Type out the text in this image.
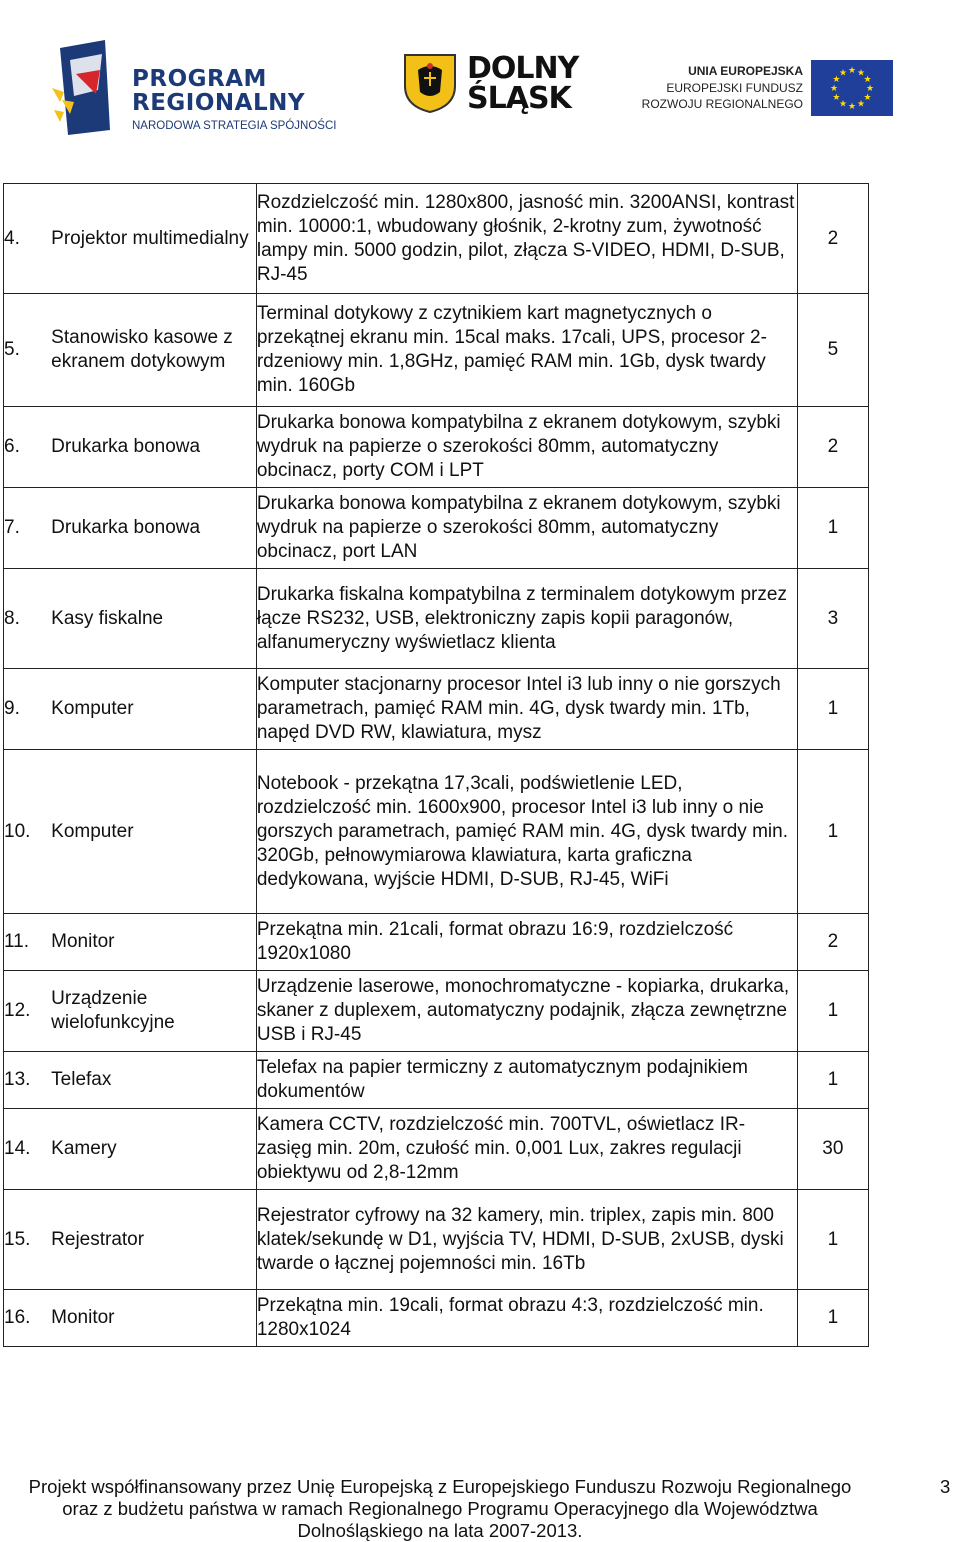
PROGRAM
REGIONALNY
NARODOWA STRATEGIA SPÓJNOŚCI
DOLNY
ŚLĄSK
UNIA EUROPEJSKA
EUROPEJSKI FUNDUSZ
ROZWOJU REGIONALNEGO
★ ★
★
★
★
★
★
★
★
★
★
★
4.	Projektor multimedialny	Rozdzielczość min. 1280x800, jasność min. 3200ANSI, kontrast min. 10000:1, wbudowany głośnik, 2-krotny zum, żywotność lampy min. 5000 godzin, pilot, złącza S-VIDEO, HDMI, D-SUB, RJ-45	2
5.	Stanowisko kasowe z ekranem dotykowym	Terminal dotykowy z czytnikiem kart magnetycznych o przekątnej ekranu min. 15cal maks. 17cali, UPS, procesor 2-rdzeniowy min. 1,8GHz, pamięć RAM min. 1Gb, dysk twardy min. 160Gb	5
6.	Drukarka bonowa	Drukarka bonowa kompatybilna z ekranem dotykowym, szybki wydruk na papierze o szerokości 80mm, automatyczny obcinacz, porty COM i LPT	2
7.	Drukarka bonowa	Drukarka bonowa kompatybilna z ekranem dotykowym, szybki wydruk na papierze o szerokości 80mm, automatyczny obcinacz, port LAN	1
8.	Kasy fiskalne	Drukarka fiskalna kompatybilna z terminalem dotykowym przez łącze RS232, USB, elektroniczny zapis kopii paragonów, alfanumeryczny wyświetlacz klienta	3
9.	Komputer	Komputer stacjonarny procesor Intel i3 lub inny o nie gorszych parametrach, pamięć RAM min. 4G, dysk twardy min. 1Tb, napęd DVD RW, klawiatura, mysz	1
10.	Komputer	Notebook - przekątna 17,3cali, podświetlenie LED, rozdzielczość min. 1600x900, procesor Intel i3 lub inny o nie gorszych parametrach, pamięć RAM min. 4G, dysk twardy min. 320Gb, pełnowymiarowa klawiatura, karta graficzna dedykowana, wyjście HDMI, D-SUB, RJ-45, WiFi	1
11.	Monitor	Przekątna min. 21cali, format obrazu 16:9, rozdzielczość 1920x1080	2
12.	Urządzenie wielofunkcyjne	Urządzenie laserowe, monochromatyczne - kopiarka, drukarka, skaner z duplexem, automatyczny podajnik, złącza zewnętrzne USB i RJ-45	1
13.	Telefax	Telefax na papier termiczny z automatycznym podajnikiem dokumentów	1
14.	Kamery	Kamera CCTV, rozdzielczość min. 700TVL, oświetlacz IR-zasięg min. 20m, czułość min. 0,001 Lux, zakres regulacji obiektywu od 2,8-12mm	30
15.	Rejestrator	Rejestrator cyfrowy na 32 kamery, min. triplex, zapis min. 800 klatek/sekundę w D1, wyjścia TV, HDMI, D-SUB, 2xUSB, dyski twarde o łącznej pojemności min. 16Tb	1
16.	Monitor	Przekątna min. 19cali, format obrazu 4:3, rozdzielczość min. 1280x1024	1
Projekt współfinansowany przez Unię Europejską z Europejskiego Funduszu Rozwoju Regionalnego
oraz z budżetu państwa w ramach Regionalnego Programu Operacyjnego dla Województwa
Dolnośląskiego na lata 2007-2013.
3
